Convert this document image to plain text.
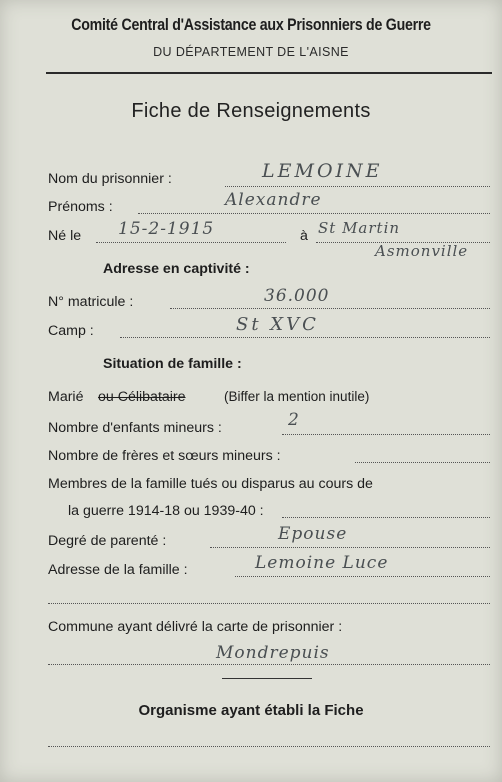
Comité Central d'Assistance aux Prisonniers de Guerre
DU DÉPARTEMENT DE L'AISNE
Fiche de Renseignements
Nom du prisonnier :	LEMOINE
Prénoms :	Alexandre
Né le 15-2-1915	à St Martin
Asmonville
Adresse en captivité :
N° matricule :	36.000
Camp :	St XVC
Situation de famille :
Marié ou Célibataire	(Biffer la mention inutile)
Nombre d'enfants mineurs :	2
Nombre de frères et sœurs mineurs :
Membres de la famille tués ou disparus au cours de
la guerre 1914-18 ou 1939-40 :
Degré de parenté :	Epouse
Adresse de la famille :	Lemoine Luce
Commune ayant délivré la carte de prisonnier :
Mondrepuis
Organisme ayant établi la Fiche
